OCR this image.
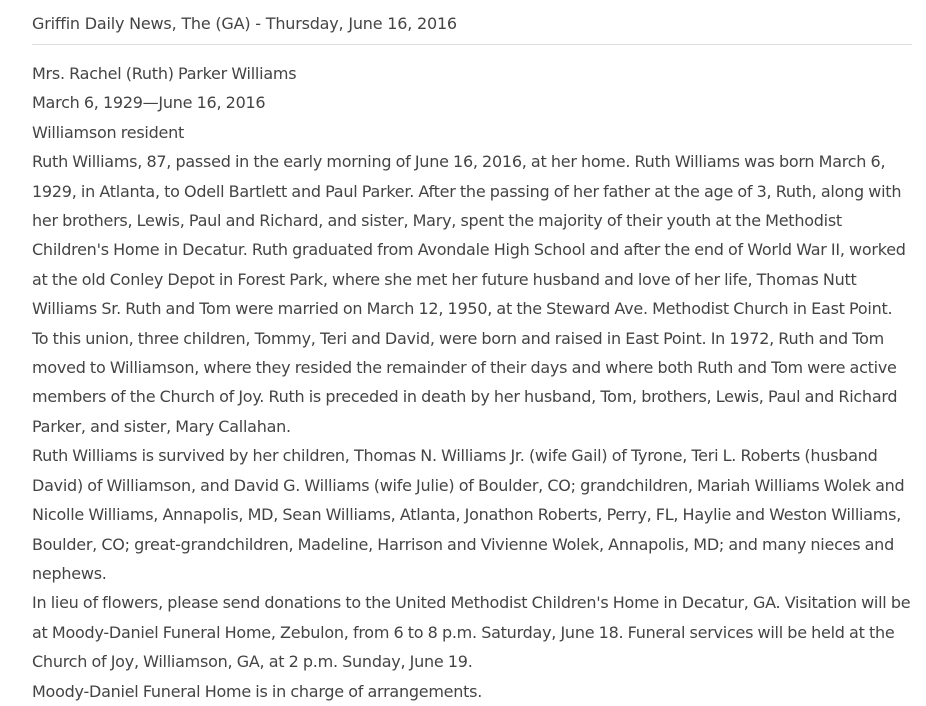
Griffin Daily News, The (GA) - Thursday, June 16, 2016

Mrs. Rachel (Ruth) Parker Williams

March 6, 1929—June 16, 2016

Williamson resident

Ruth Williams, 87, passed in the early morning of June 16, 2016, at her home. Ruth Williams was born March 6, 1929, in Atlanta, to Odell Bartlett and Paul Parker. After the passing of her father at the age of 3, Ruth, along with her brothers, Lewis, Paul and Richard, and sister, Mary, spent the majority of their youth at the Methodist Children's Home in Decatur. Ruth graduated from Avondale High School and after the end of World War II, worked at the old Conley Depot in Forest Park, where she met her future husband and love of her life, Thomas Nutt Williams Sr. Ruth and Tom were married on March 12, 1950, at the Steward Ave. Methodist Church in East Point. To this union, three children, Tommy, Teri and David, were born and raised in East Point. In 1972, Ruth and Tom moved to Williamson, where they resided the remainder of their days and where both Ruth and Tom were active members of the Church of Joy. Ruth is preceded in death by her husband, Tom, brothers, Lewis, Paul and Richard Parker, and sister, Mary Callahan.

Ruth Williams is survived by her children, Thomas N. Williams Jr. (wife Gail) of Tyrone, Teri L. Roberts (husband David) of Williamson, and David G. Williams (wife Julie) of Boulder, CO; grandchildren, Mariah Williams Wolek and Nicolle Williams, Annapolis, MD, Sean Williams, Atlanta, Jonathon Roberts, Perry, FL, Haylie and Weston Williams, Boulder, CO; great-grandchildren, Madeline, Harrison and Vivienne Wolek, Annapolis, MD; and many nieces and nephews.

In lieu of flowers, please send donations to the United Methodist Children's Home in Decatur, GA. Visitation will be at Moody-Daniel Funeral Home, Zebulon, from 6 to 8 p.m. Saturday, June 18. Funeral services will be held at the Church of Joy, Williamson, GA, at 2 p.m. Sunday, June 19.

Moody-Daniel Funeral Home is in charge of arrangements.
